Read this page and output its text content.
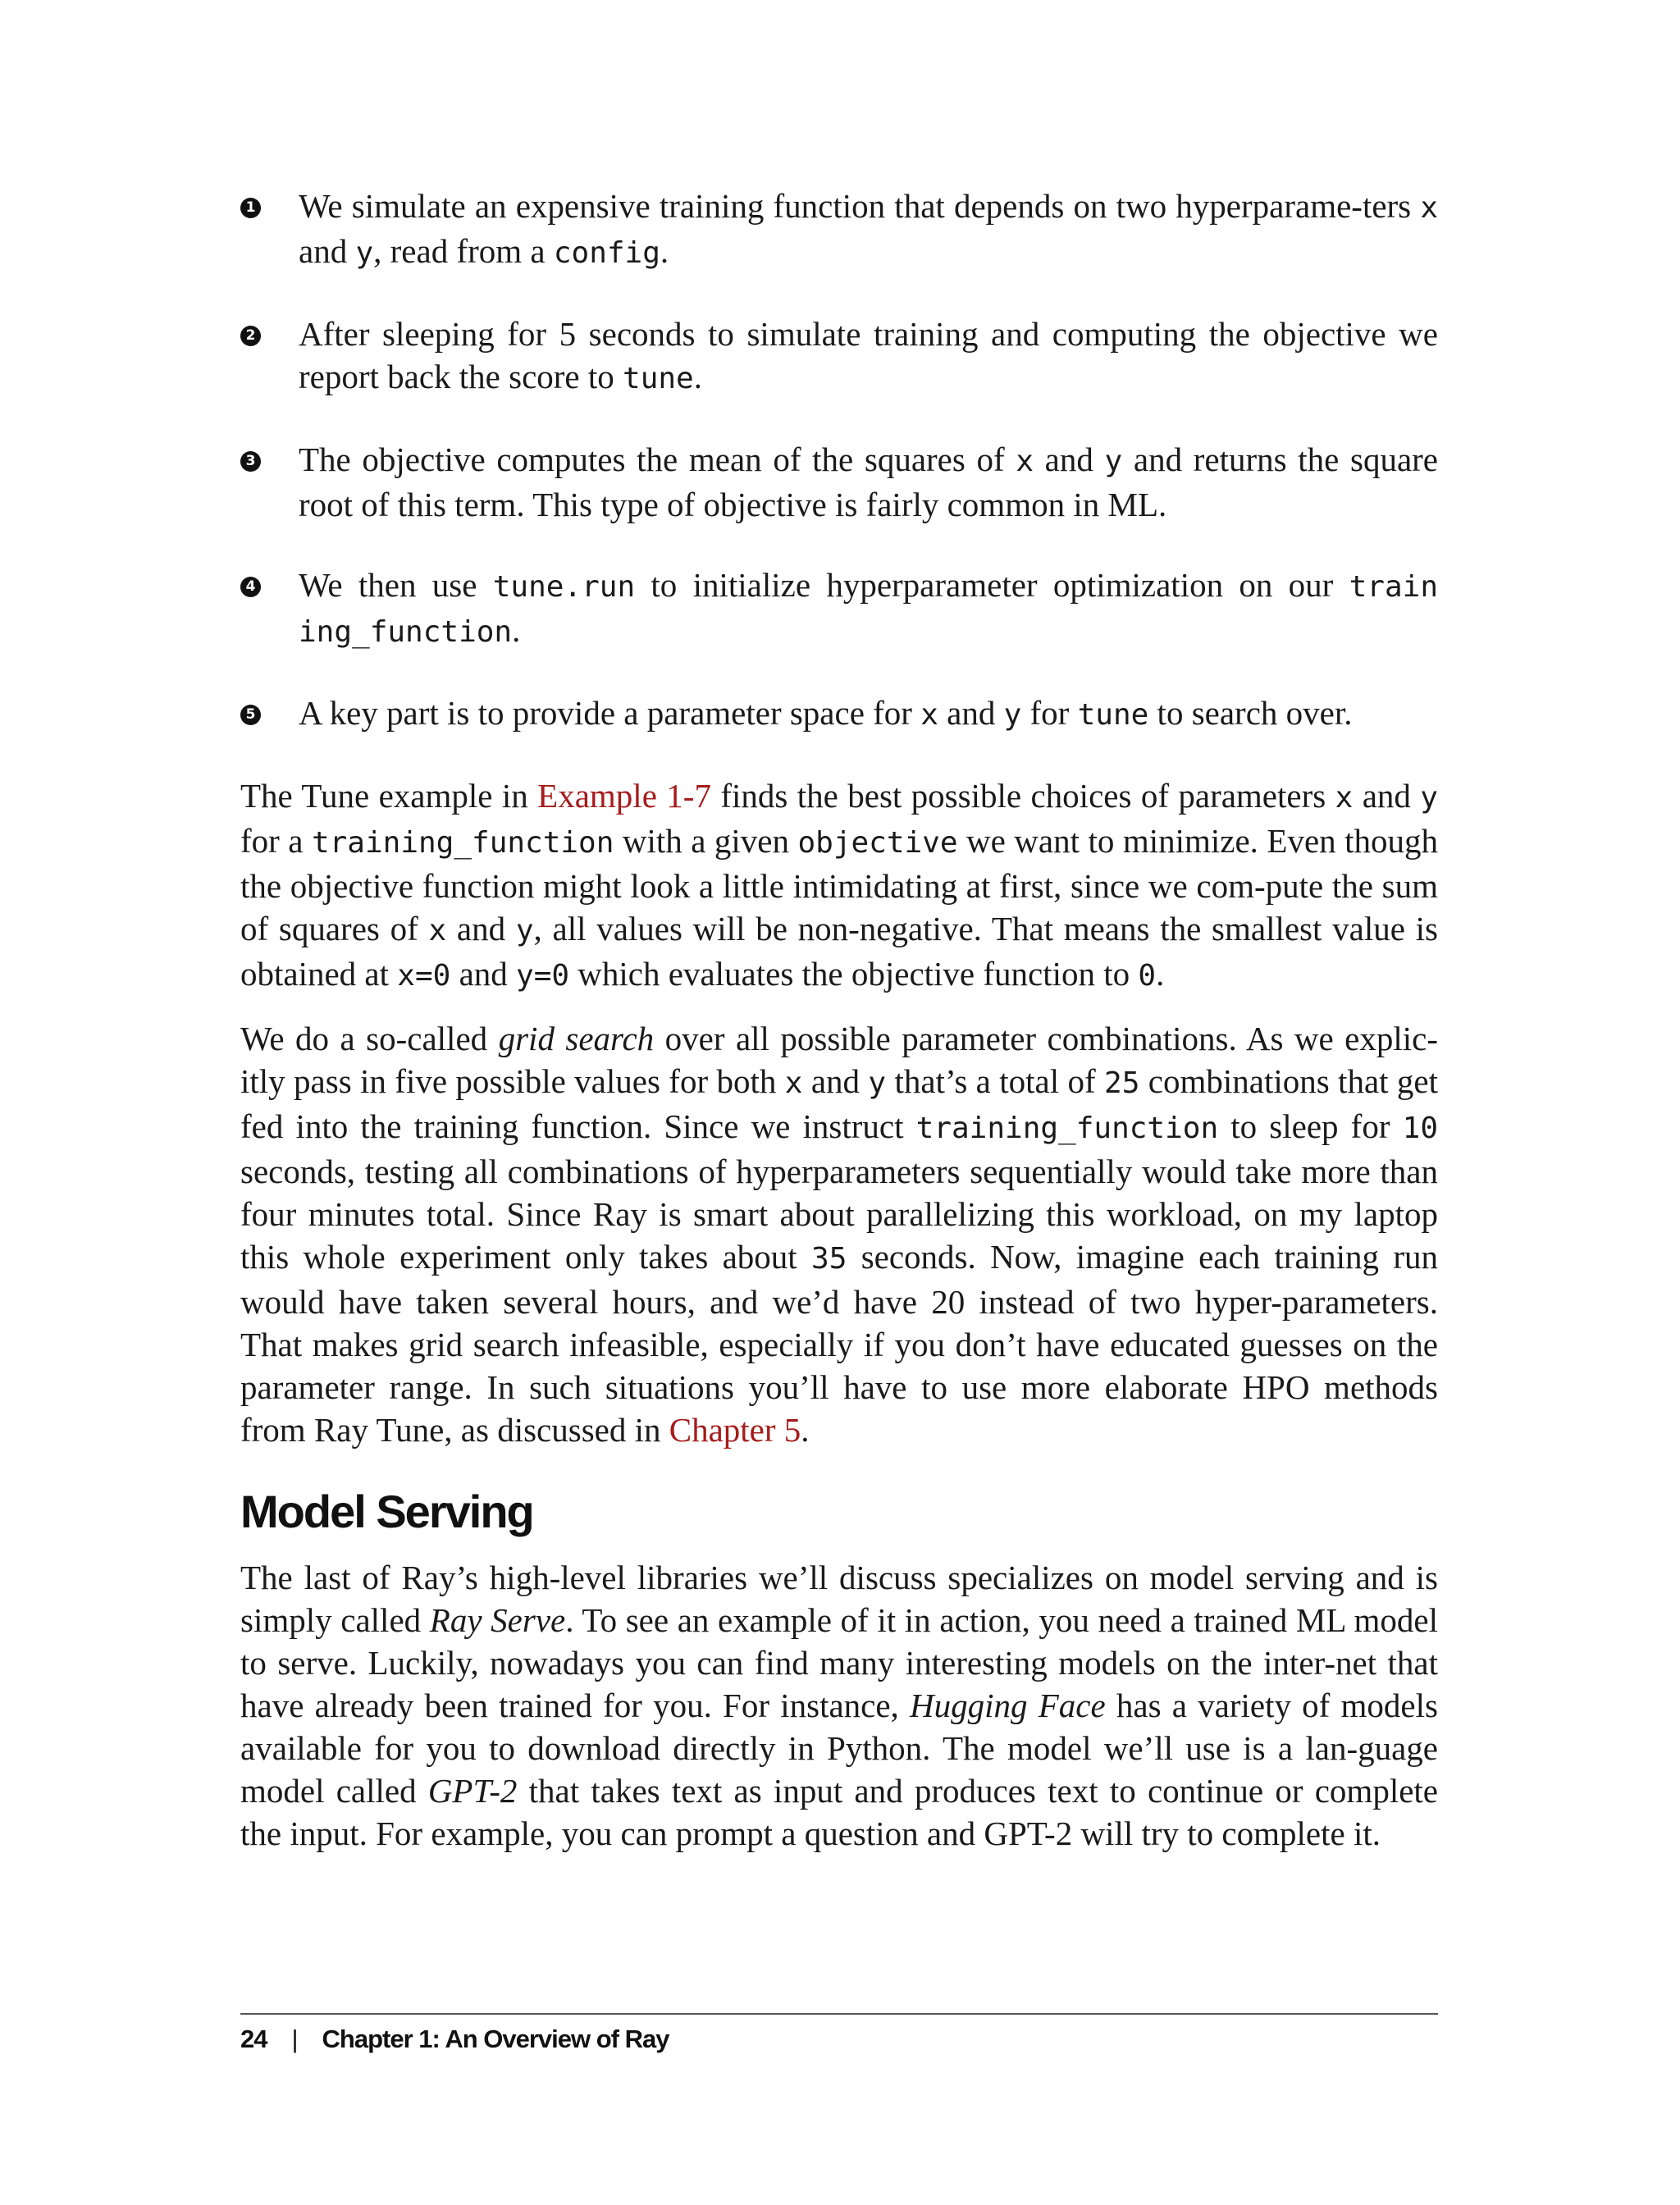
1 We simulate an expensive training function that depends on two hyperparame-ters x and y, read from a config.

2 After sleeping for 5 seconds to simulate training and computing the objective we report back the score to tune.

3 The objective computes the mean of the squares of x and y and returns the square root of this term. This type of objective is fairly common in ML.

4 We then use tune.run to initialize hyperparameter optimization on our train ing_function.

5 A key part is to provide a parameter space for x and y for tune to search over.

The Tune example in Example 1-7 finds the best possible choices of parameters x and y for a training_function with a given objective we want to minimize. Even though the objective function might look a little intimidating at first, since we com-pute the sum of squares of x and y, all values will be non-negative. That means the smallest value is obtained at x=0 and y=0 which evaluates the objective function to 0.

We do a so-called grid search over all possible parameter combinations. As we explic-itly pass in five possible values for both x and y that’s a total of 25 combinations that get fed into the training function. Since we instruct training_function to sleep for 10 seconds, testing all combinations of hyperparameters sequentially would take more than four minutes total. Since Ray is smart about parallelizing this workload, on my laptop this whole experiment only takes about 35 seconds. Now, imagine each training run would have taken several hours, and we’d have 20 instead of two hyper-parameters. That makes grid search infeasible, especially if you don’t have educated guesses on the parameter range. In such situations you’ll have to use more elaborate HPO methods from Ray Tune, as discussed in Chapter 5.

Model Serving

The last of Ray’s high-level libraries we’ll discuss specializes on model serving and is simply called Ray Serve. To see an example of it in action, you need a trained ML model to serve. Luckily, nowadays you can find many interesting models on the inter-net that have already been trained for you. For instance, Hugging Face has a variety of models available for you to download directly in Python. The model we’ll use is a lan-guage model called GPT-2 that takes text as input and produces text to continue or complete the input. For example, you can prompt a question and GPT-2 will try to complete it.

24 | Chapter 1: An Overview of Ray
